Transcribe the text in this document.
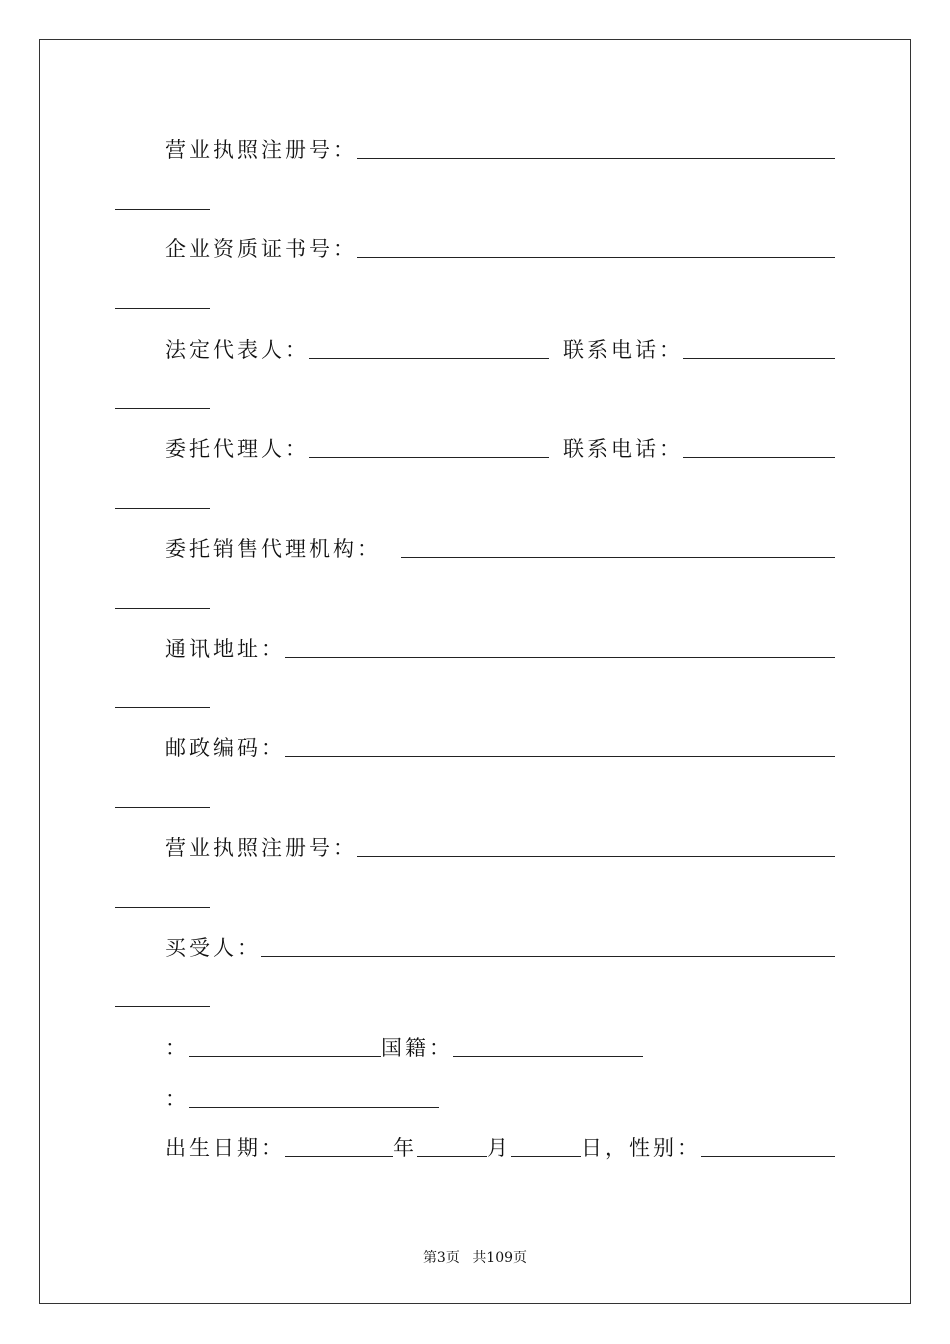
营业执照注册号：
企业资质证书号：
法定代表人：	联系电话：
委托代理人：	联系电话：
委托销售代理机构：
通讯地址：
邮政编码：
营业执照注册号：
买受人：
：	国籍：
：
出生日期：	年	月	日，性别：
第3页 共109页
